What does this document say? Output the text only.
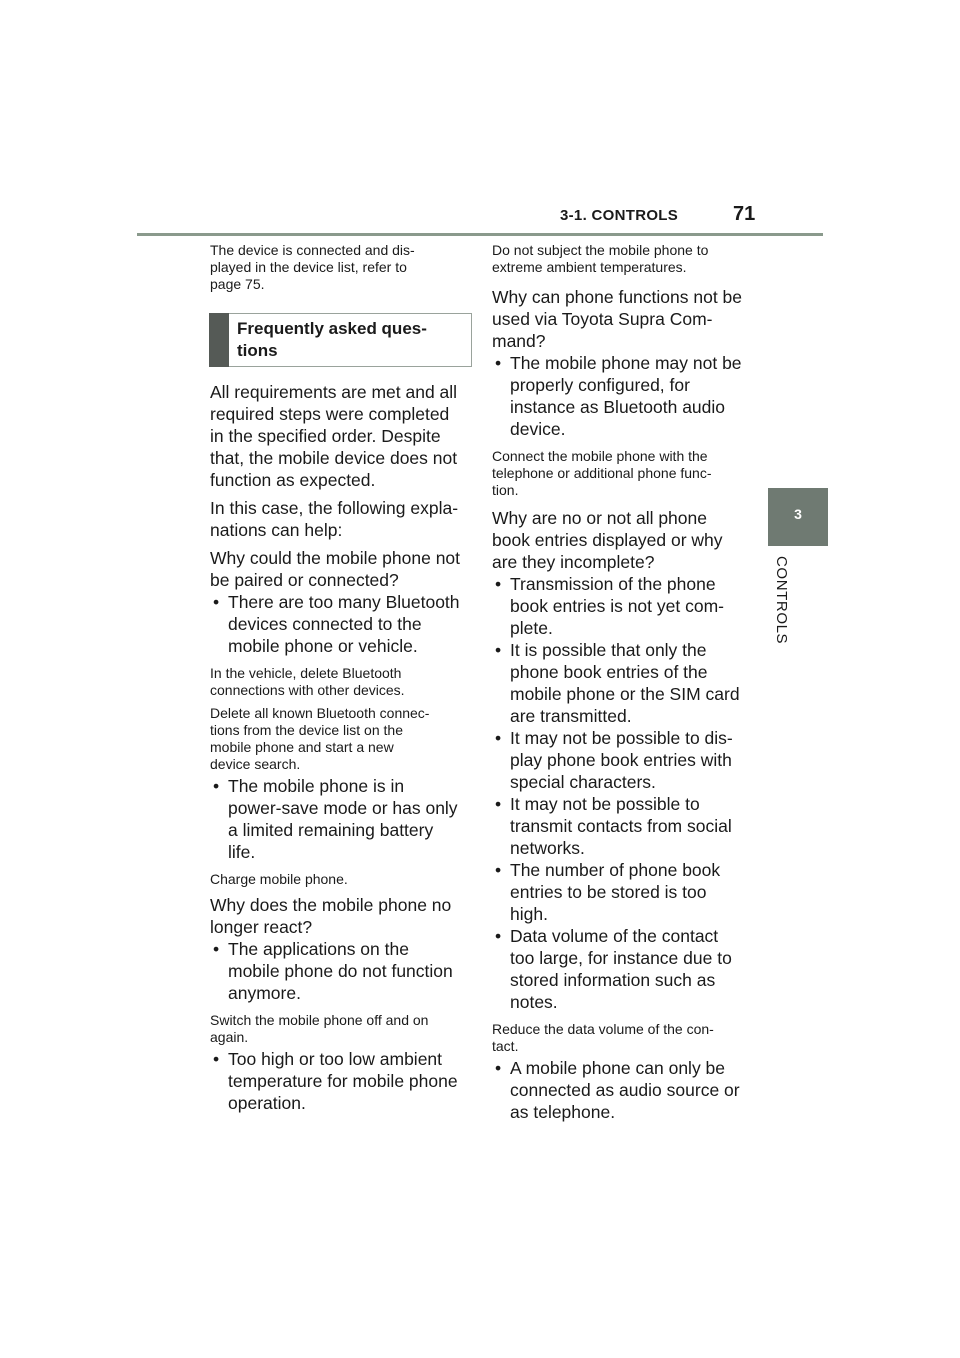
3-1. CONTROLS	71
3
CONTROLS
The device is connected and dis-
played in the device list, refer to
page 75.
Frequently asked ques-
tions
All requirements are met and all
required steps were completed
in the specified order. Despite
that, the mobile device does not
function as expected.
In this case, the following expla-
nations can help:
Why could the mobile phone not
be paired or connected?
• There are too many Bluetooth
devices connected to the
mobile phone or vehicle.
In the vehicle, delete Bluetooth
connections with other devices.
Delete all known Bluetooth connec-
tions from the device list on the
mobile phone and start a new
device search.
• The mobile phone is in
power-save mode or has only
a limited remaining battery
life.
Charge mobile phone.
Why does the mobile phone no
longer react?
• The applications on the
mobile phone do not function
anymore.
Switch the mobile phone off and on
again.
• Too high or too low ambient
temperature for mobile phone
operation.
Do not subject the mobile phone to
extreme ambient temperatures.
Why can phone functions not be
used via Toyota Supra Com-
mand?
• The mobile phone may not be
properly configured, for
instance as Bluetooth audio
device.
Connect the mobile phone with the
telephone or additional phone func-
tion.
Why are no or not all phone
book entries displayed or why
are they incomplete?
• Transmission of the phone
book entries is not yet com-
plete.
• It is possible that only the
phone book entries of the
mobile phone or the SIM card
are transmitted.
• It may not be possible to dis-
play phone book entries with
special characters.
• It may not be possible to
transmit contacts from social
networks.
• The number of phone book
entries to be stored is too
high.
• Data volume of the contact
too large, for instance due to
stored information such as
notes.
Reduce the data volume of the con-
tact.
• A mobile phone can only be
connected as audio source or
as telephone.
